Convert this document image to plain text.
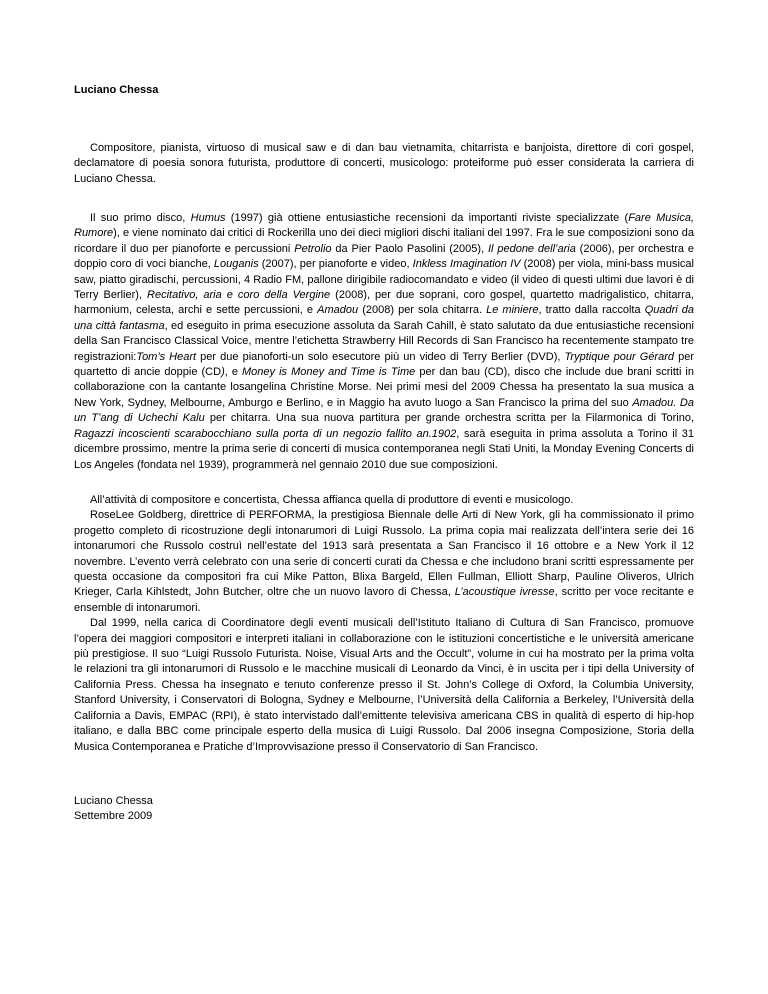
Luciano Chessa

Compositore, pianista, virtuoso di musical saw e di dan bau vietnamita, chitarrista e banjoista, direttore di cori gospel, declamatore di poesia sonora futurista, produttore di concerti, musicologo: proteiforme può esser considerata la carriera di Luciano Chessa.

Il suo primo disco, Humus (1997) già ottiene entusiastiche recensioni da importanti riviste specializzate (Fare Musica, Rumore), e viene nominato dai critici di Rockerilla uno dei dieci migliori dischi italiani del 1997. Fra le sue composizioni sono da ricordare il duo per pianoforte e percussioni Petrolio da Pier Paolo Pasolini (2005), Il pedone dell’aria (2006), per orchestra e doppio coro di voci bianche, Louganis (2007), per pianoforte e video, Inkless Imagination IV (2008) per viola, mini-bass musical saw, piatto giradischi, percussioni, 4 Radio FM, pallone dirigibile radiocomandato e video (il video di questi ultimi due lavori è di Terry Berlier), Recitativo, aria e coro della Vergine (2008), per due soprani, coro gospel, quartetto madrigalistico, chitarra, harmonium, celesta, archi e sette percussioni, e Amadou (2008) per sola chitarra. Le miniere, tratto dalla raccolta Quadri da una città fantasma, ed eseguito in prima esecuzione assoluta da Sarah Cahill, è stato salutato da due entusiastiche recensioni della San Francisco Classical Voice, mentre l’etichetta Strawberry Hill Records di San Francisco ha recentemente stampato tre registrazioni:Tom’s Heart per due pianoforti-un solo esecutore più un video di Terry Berlier (DVD), Tryptique pour Gérard per quartetto di ancie doppie (CD), e Money is Money and Time is Time per dan bau (CD), disco che include due brani scritti in collaborazione con la cantante losangelina Christine Morse. Nei primi mesi del 2009 Chessa ha presentato la sua musica a New York, Sydney, Melbourne, Amburgo e Berlino, e in Maggio ha avuto luogo a San Francisco la prima del suo Amadou. Da un T’ang di Uchechi Kalu per chitarra. Una sua nuova partitura per grande orchestra scritta per la Filarmonica di Torino, Ragazzi incoscienti scarabocchiano sulla porta di un negozio fallito an.1902, sarà eseguita in prima assoluta a Torino il 31 dicembre prossimo, mentre la prima serie di concerti di musica contemporanea negli Stati Uniti, la Monday Evening Concerts di Los Angeles (fondata nel 1939), programmerà nel gennaio 2010 due sue composizioni.

All’attività di compositore e concertista, Chessa affianca quella di produttore di eventi e musicologo.
RoseLee Goldberg, direttrice di PERFORMA, la prestigiosa Biennale delle Arti di New York, gli ha commissionato il primo progetto completo di ricostruzione degli intonarumori di Luigi Russolo. La prima copia mai realizzata dell’intera serie dei 16 intonarumori che Russolo costruì nell’estate del 1913 sarà presentata a San Francisco il 16 ottobre e a New York il 12 novembre. L’evento verrà celebrato con una serie di concerti curati da Chessa e che includono brani scritti espressamente per questa occasione da compositori fra cui Mike Patton, Blixa Bargeld, Ellen Fullman, Elliott Sharp, Pauline Oliveros, Ulrich Krieger, Carla Kihlstedt, John Butcher, oltre che un nuovo lavoro di Chessa, L’acoustique ivresse, scritto per voce recitante e ensemble di intonarumori.
Dal 1999, nella carica di Coordinatore degli eventi musicali dell’Istituto Italiano di Cultura di San Francisco, promuove l’opera dei maggiori compositori e interpreti italiani in collaborazione con le istituzioni concertistiche e le università americane più prestigiose. Il suo “Luigi Russolo Futurista. Noise, Visual Arts and the Occult”, volume in cui ha mostrato per la prima volta le relazioni tra gli intonarumori di Russolo e le macchine musicali di Leonardo da Vinci, è in uscita per i tipi della University of California Press. Chessa ha insegnato e tenuto conferenze presso il St. John’s College di Oxford, la Columbia University, Stanford University, i Conservatori di Bologna, Sydney e Melbourne, l’Università della California a Berkeley, l’Università della California a Davis, EMPAC (RPI), è stato intervistado dall’emittente televisiva americana CBS in qualità di esperto di hip-hop italiano, e dalla BBC come principale esperto della musica di Luigi Russolo. Dal 2006 insegna Composizione, Storia della Musica Contemporanea e Pratiche d’Improvvisazione presso il Conservatorio di San Francisco.
Luciano Chessa
Settembre 2009
